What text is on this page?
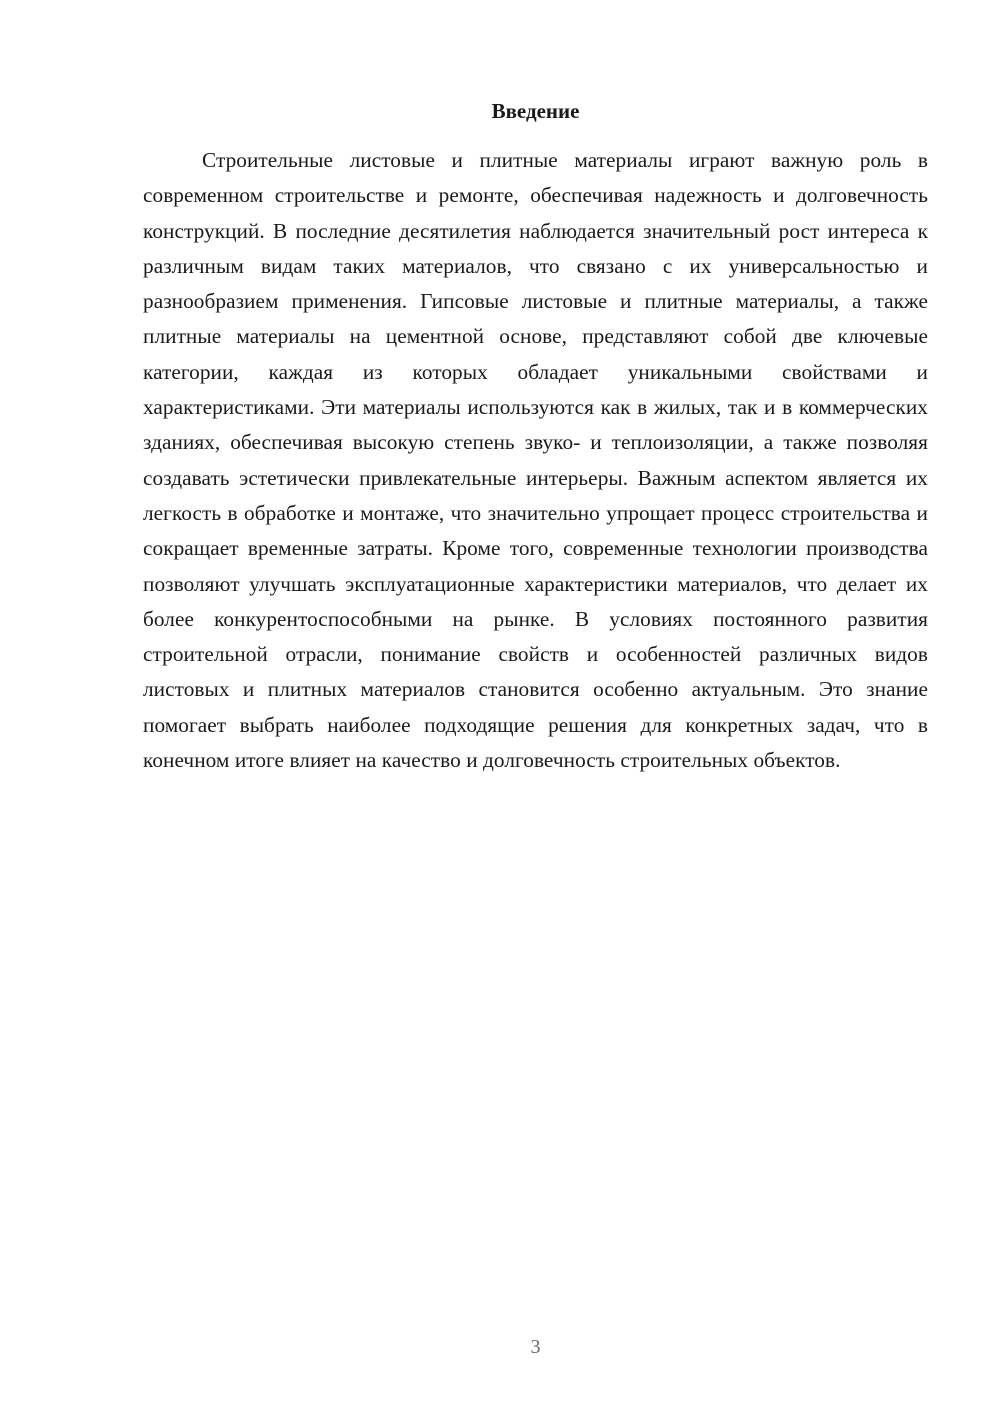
Введение

Строительные листовые и плитные материалы играют важную роль в современном строительстве и ремонте, обеспечивая надежность и долговечность конструкций. В последние десятилетия наблюдается значительный рост интереса к различным видам таких материалов, что связано с их универсальностью и разнообразием применения. Гипсовые листовые и плитные материалы, а также плитные материалы на цементной основе, представляют собой две ключевые категории, каждая из которых обладает уникальными свойствами и характеристиками. Эти материалы используются как в жилых, так и в коммерческих зданиях, обеспечивая высокую степень звуко- и теплоизоляции, а также позволяя создавать эстетически привлекательные интерьеры. Важным аспектом является их легкость в обработке и монтаже, что значительно упрощает процесс строительства и сокращает временные затраты. Кроме того, современные технологии производства позволяют улучшать эксплуатационные характеристики материалов, что делает их более конкурентоспособными на рынке. В условиях постоянного развития строительной отрасли, понимание свойств и особенностей различных видов листовых и плитных материалов становится особенно актуальным. Это знание помогает выбрать наиболее подходящие решения для конкретных задач, что в конечном итоге влияет на качество и долговечность строительных объектов.

3
